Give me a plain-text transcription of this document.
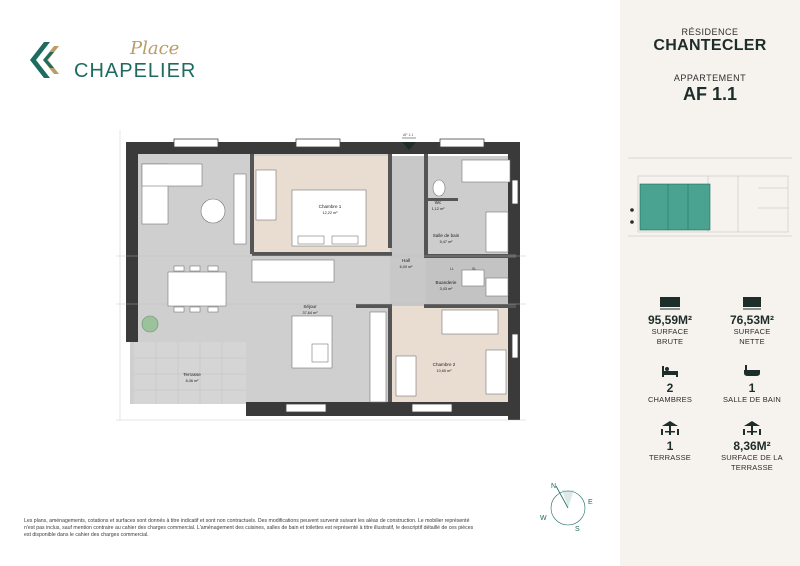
Place
CHAPELIER
AF 1.1
LL	SL
Chambre 1
12,22 m²
Wc
1,12 m²
Salle de bain
5,47 m²
Hall
6,00 m²
Buanderie
3,43 m²
Séjour
37,64 m²
Chambre 2
10,65 m²
Terrasse
8,36 m²
Les plans, aménagements, cotations et surfaces sont donnés à titre indicatif et sont non contractuels. Des modifications peuvent survenir suivant les aléas de construction. Le mobilier représenté n'est pas inclus, sauf mention contraire au cahier des charges commercial. L'aménagement des cuisines, salles de bain et toilettes est représenté à titre illustratif, le descriptif détaillé de ces pièces est disponible dans le cahier des charges commercial.
N
E
S
W
RÉSIDENCE
CHANTECLER
APPARTEMENT
AF 1.1
95,59M²
SURFACE
BRUTE
76,53M²
SURFACE
NETTE
2
CHAMBRES
1
SALLE DE BAIN
1
TERRASSE
8,36M²
SURFACE DE LA
TERRASSE
